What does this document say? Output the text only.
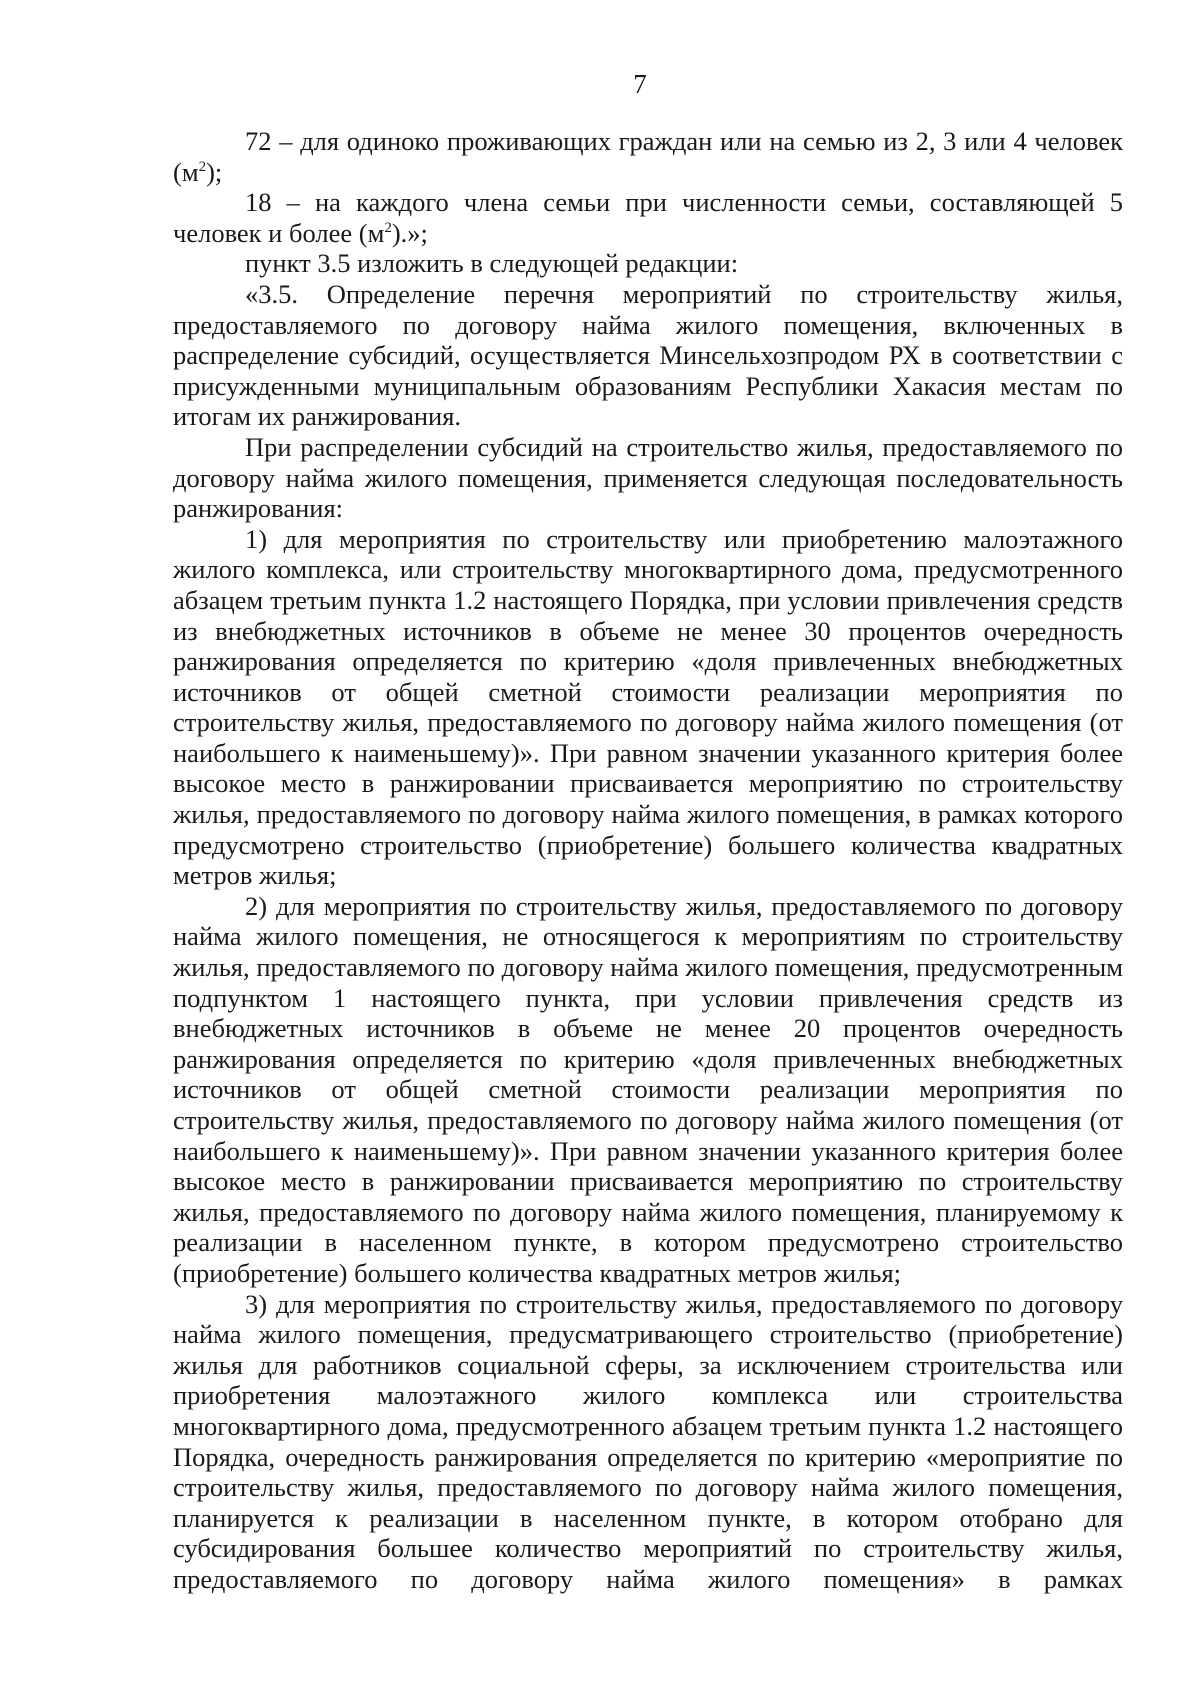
7

72 – для одиноко проживающих граждан или на семью из 2, 3 или 4 человек $(м^2)$;

18 – на каждого члена семьи при численности семьи, составляющей 5 человек и более $(м^2)$.»;

пункт 3.5 изложить в следующей редакции:

«3.5. Определение перечня мероприятий по строительству жилья, предоставляемого по договору найма жилого помещения, включенных в распределение субсидий, осуществляется Минсельхозпродом РХ в соответствии с присужденными муниципальным образованиям Республики Хакасия местам по итогам их ранжирования.

При распределении субсидий на строительство жилья, предоставляемого по договору найма жилого помещения, применяется следующая последовательность ранжирования:

1) для мероприятия по строительству или приобретению малоэтажного жилого комплекса, или строительству многоквартирного дома, предусмотренного абзацем третьим пункта 1.2 настоящего Порядка, при условии привлечения средств из внебюджетных источников в объеме не менее 30 процентов очередность ранжирования определяется по критерию «доля привлеченных внебюджетных источников от общей сметной стоимости реализации мероприятия по строительству жилья, предоставляемого по договору найма жилого помещения (от наибольшего к наименьшему)». При равном значении указанного критерия более высокое место в ранжировании присваивается мероприятию по строительству жилья, предоставляемого по договору найма жилого помещения, в рамках которого предусмотрено строительство (приобретение) большего количества квадратных метров жилья;

2) для мероприятия по строительству жилья, предоставляемого по договору найма жилого помещения, не относящегося к мероприятиям по строительству жилья, предоставляемого по договору найма жилого помещения, предусмотренным подпунктом 1 настоящего пункта, при условии привлечения средств из внебюджетных источников в объеме не менее 20 процентов очередность ранжирования определяется по критерию «доля привлеченных внебюджетных источников от общей сметной стоимости реализации мероприятия по строительству жилья, предоставляемого по договору найма жилого помещения (от наибольшего к наименьшему)». При равном значении указанного критерия более высокое место в ранжировании присваивается мероприятию по строительству жилья, предоставляемого по договору найма жилого помещения, планируемому к реализации в населенном пункте, в котором предусмотрено строительство (приобретение) большего количества квадратных метров жилья;

3) для мероприятия по строительству жилья, предоставляемого по договору найма жилого помещения, предусматривающего строительство (приобретение) жилья для работников социальной сферы, за исключением строительства или приобретения малоэтажного жилого комплекса или строительства многоквартирного дома, предусмотренного абзацем третьим пункта 1.2 настоящего Порядка, очередность ранжирования определяется по критерию «мероприятие по строительству жилья, предоставляемого по договору найма жилого помещения, планируется к реализации в населенном пункте, в котором отобрано для субсидирования большее количество мероприятий по строительству жилья, предоставляемого по договору найма жилого помещения» в рамках
